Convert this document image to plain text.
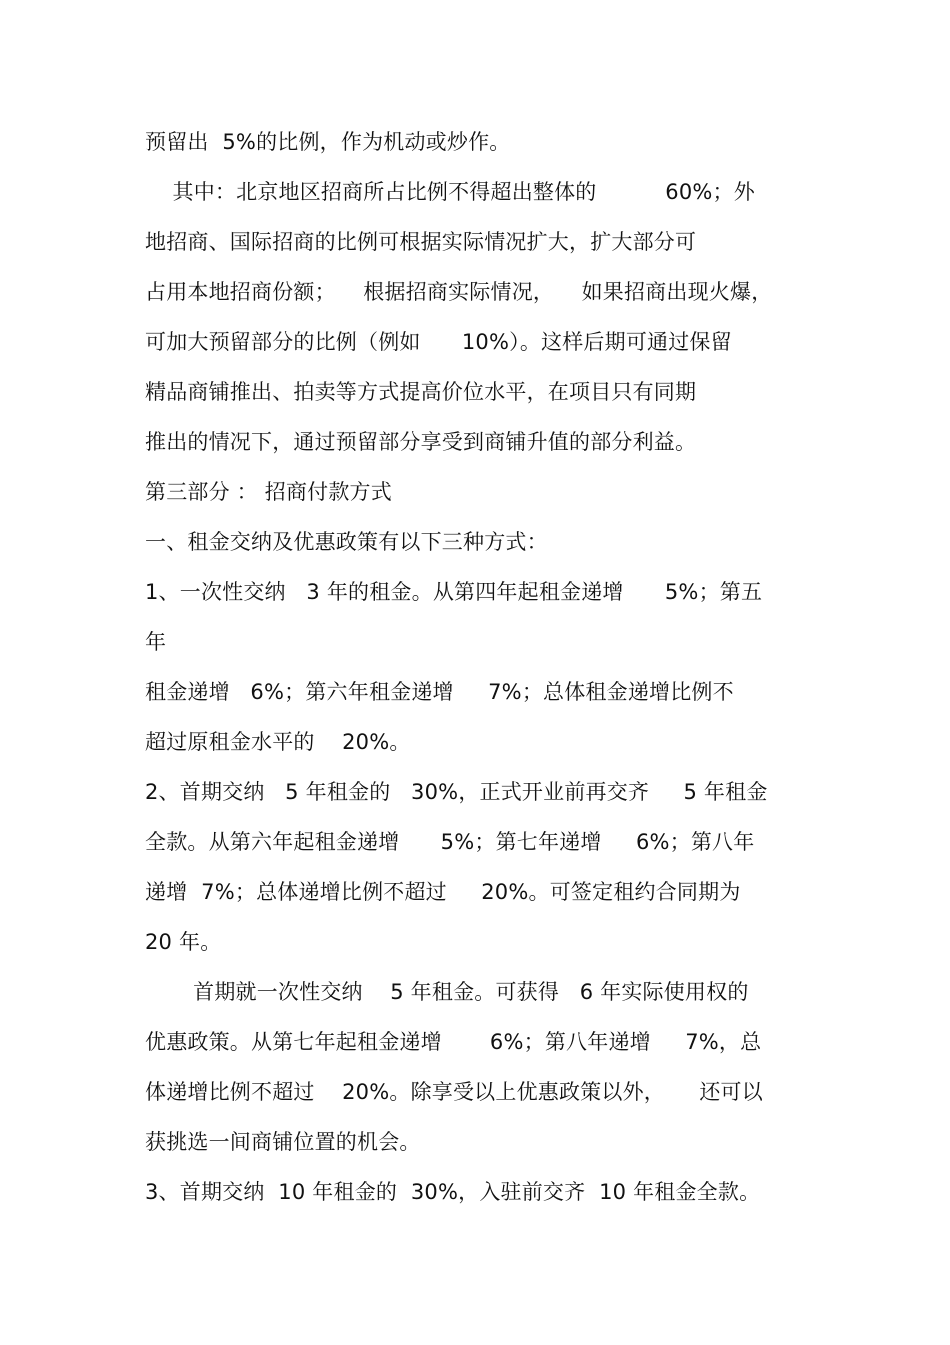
预留出  5%的比例，作为机动或炒作。
其中：北京地区招商所占比例不得超出整体的          60%；外
地招商、国际招商的比例可根据实际情况扩大，扩大部分可
占用本地招商份额；    根据招商实际情况，    如果招商出现火爆，
可加大预留部分的比例（例如      10%）。这样后期可通过保留
精品商铺推出、拍卖等方式提高价位水平，在项目只有同期
推出的情况下，通过预留部分享受到商铺升值的部分利益。
第三部分 ： 招商付款方式
一、租金交纳及优惠政策有以下三种方式：
1、一次性交纳   3 年的租金。从第四年起租金递增      5%；第五
年
租金递增   6%；第六年租金递增     7%；总体租金递增比例不
超过原租金水平的    20%。
2、首期交纳   5 年租金的   30%，正式开业前再交齐     5 年租金
全款。从第六年起租金递增      5%；第七年递增     6%；第八年
递增  7%；总体递增比例不超过     20%。可签定租约合同期为
20 年。
首期就一次性交纳    5 年租金。可获得   6 年实际使用权的
优惠政策。从第七年起租金递增       6%；第八年递增     7%，总
体递增比例不超过    20%。除享受以上优惠政策以外，     还可以
获挑选一间商铺位置的机会。
3、首期交纳  10 年租金的  30%，入驻前交齐  10 年租金全款。
